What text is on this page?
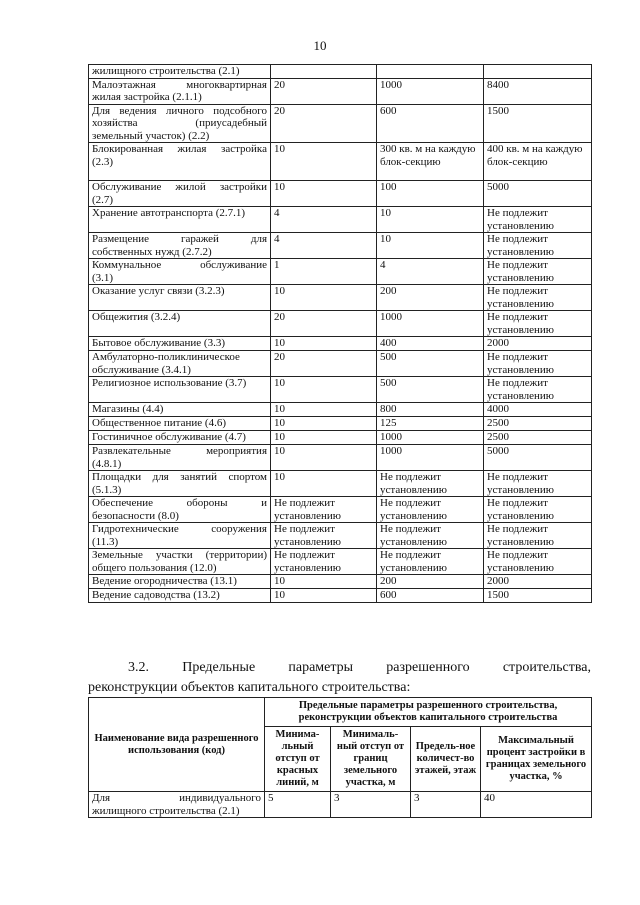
10
жилищного строительства (2.1)			

Малоэтажная многоквартирная
жилая застройка (2.1.1)	20	1000	8400

Для ведения личного подсобного
хозяйства (приусадебный
земельный участок) (2.2)	20	600	1500

Блокированная жилая застройка
(2.3)	10	300 кв. м на каждую блок-секцию	400 кв. м на каждую блок-секцию

Обслуживание жилой застройки
(2.7)	10	100	5000

Хранение автотранспорта (2.7.1)	4	10	Не подлежит установлению

Размещение гаражей для
собственных нужд (2.7.2)	4	10	Не подлежит установлению

Коммунальное обслуживание
(3.1)	1	4	Не подлежит установлению

Оказание услуг связи (3.2.3)	10	200	Не подлежит установлению

Общежития (3.2.4)	20	1000	Не подлежит установлению

Бытовое обслуживание (3.3)	10	400	2000

Амбулаторно-поликлиническое
обслуживание (3.4.1)	20	500	Не подлежит установлению

Религиозное использование (3.7)	10	500	Не подлежит установлению

Магазины (4.4)	10	800	4000

Общественное питание (4.6)	10	125	2500

Гостиничное обслуживание (4.7)	10	1000	2500

Развлекательные мероприятия
(4.8.1)	10	1000	5000

Площадки для занятий спортом
(5.1.3)	10	Не подлежит установлению	Не подлежит установлению

Обеспечение обороны и
безопасности (8.0)	Не подлежит установлению	Не подлежит установлению	Не подлежит установлению

Гидротехнические сооружения
(11.3)	Не подлежит установлению	Не подлежит установлению	Не подлежит установлению

Земельные участки (территории)
общего пользования (12.0)	Не подлежит установлению	Не подлежит установлению	Не подлежит установлению

Ведение огородничества (13.1)	10	200	2000

Ведение садоводства (13.2)	10	600	1500
3.2. Предельные параметры разрешенного строительства,
реконструкции объектов капитального строительства:
Наименование вида разрешенного использования (код)	Предельные параметры разрешенного строительства, реконструкции объектов капитального строительства			
	Минима-льный отступ от красных линий, м	Минималь-ный отступ от границ земельного участка, м	Предель-ное количест-во этажей, этаж	Максимальный процент застройки в границах земельного участка, %

Для индивидуального
жилищного строительства (2.1)	5	3	3	40
